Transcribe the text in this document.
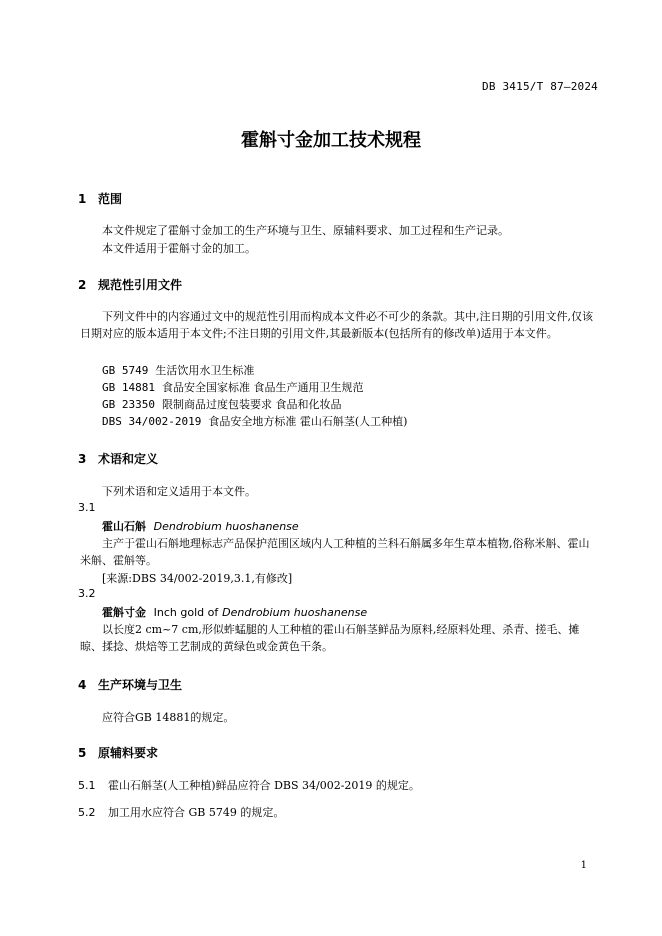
DB 3415/T 87—2024
霍斛寸金加工技术规程
1 范围
本文件规定了霍斛寸金加工的生产环境与卫生、原辅料要求、加工过程和生产记录。
本文件适用于霍斛寸金的加工。
2 规范性引用文件
下列文件中的内容通过文中的规范性引用而构成本文件必不可少的条款。其中,注日期的引用文件,仅该日期对应的版本适用于本文件;不注日期的引用文件,其最新版本(包括所有的修改单)适用于本文件。
GB 5749 生活饮用水卫生标准
GB 14881 食品安全国家标准 食品生产通用卫生规范
GB 23350 限制商品过度包装要求 食品和化妆品
DBS 34/002-2019 食品安全地方标准 霍山石斛茎(人工种植)
3 术语和定义
下列术语和定义适用于本文件。
3.1
霍山石斛 Dendrobium huoshanense
主产于霍山石斛地理标志产品保护范围区域内人工种植的兰科石斛属多年生草本植物,俗称米斛、霍山米斛、霍斛等。
[来源:DBS 34/002-2019,3.1,有修改]
3.2
霍斛寸金 Inch gold of Dendrobium huoshanense
以长度2 cm~7 cm,形似蚱蜢腿的人工种植的霍山石斛茎鲜品为原料,经原料处理、杀青、搓毛、摊晾、揉捻、烘焙等工艺制成的黄绿色或金黄色干条。
4 生产环境与卫生
应符合GB 14881的规定。
5 原辅料要求
5.1 霍山石斛茎(人工种植)鲜品应符合 DBS 34/002-2019 的规定。
5.2 加工用水应符合 GB 5749 的规定。
1
